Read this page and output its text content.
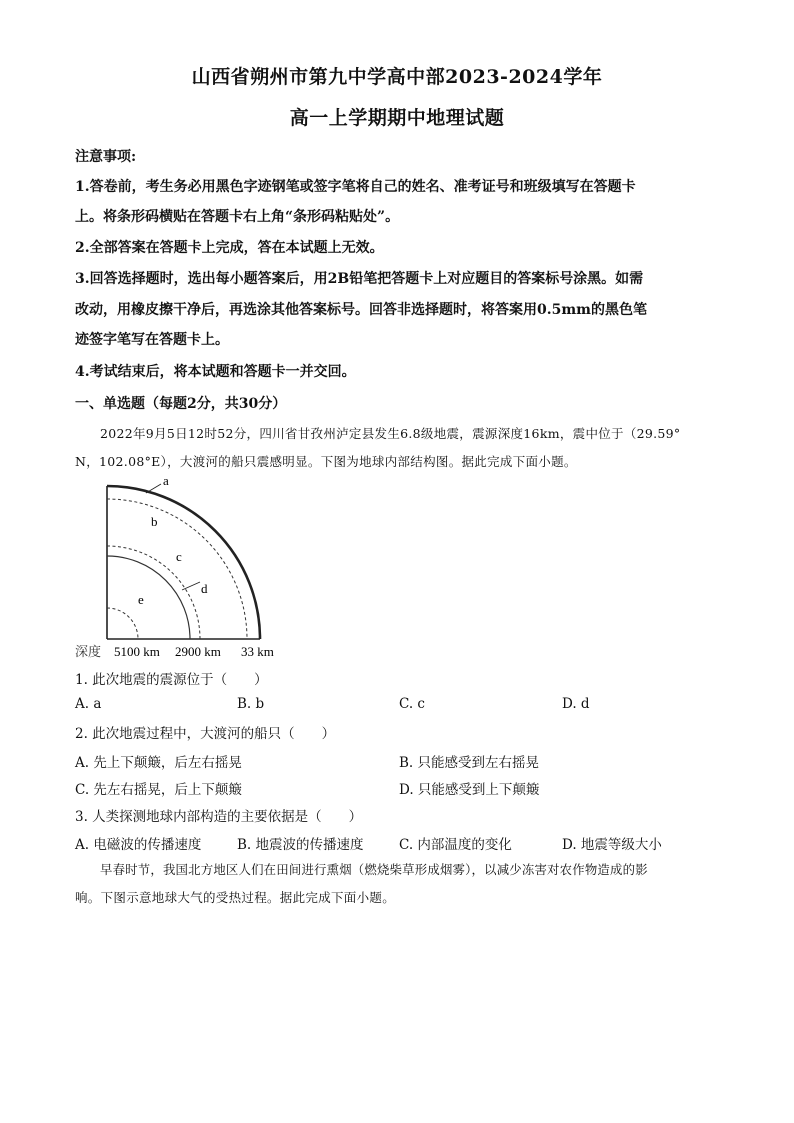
山西省朔州市第九中学高中部2023-2024学年
高一上学期期中地理试题
注意事项:
1.答卷前，考生务必用黑色字迹钢笔或签字笔将自己的姓名、准考证号和班级填写在答题卡
上。将条形码横贴在答题卡右上角“条形码粘贴处”。
2.全部答案在答题卡上完成，答在本试题上无效。
3.回答选择题时，选出每小题答案后，用2B铅笔把答题卡上对应题目的答案标号涂黑。如需
改动，用橡皮擦干净后，再选涂其他答案标号。回答非选择题时，将答案用0.5mm的黑色笔
迹签字笔写在答题卡上。
4.考试结束后，将本试题和答题卡一并交回。
一、单选题（每题2分，共30分）
2022年9月5日12时52分，四川省甘孜州泸定县发生6.8级地震，震源深度16km，震中位于（29.59°
N，102.08°E），大渡河的船只震感明显。下图为地球内部结构图。据此完成下面小题。
a
b
c
d
e
深度 5100 km 2900 km 33 km
1. 此次地震的震源位于（　　）
A. a	B. b	C. c	D. d
2. 此次地震过程中，大渡河的船只（　　）
A. 先上下颠簸，后左右摇晃	B. 只能感受到左右摇晃
C. 先左右摇晃，后上下颠簸	D. 只能感受到上下颠簸
3. 人类探测地球内部构造的主要依据是（　　）
A. 电磁波的传播速度	B. 地震波的传播速度	C. 内部温度的变化	D. 地震等级大小
早春时节，我国北方地区人们在田间进行熏烟（燃烧柴草形成烟雾），以减少冻害对农作物造成的影
响。下图示意地球大气的受热过程。据此完成下面小题。
